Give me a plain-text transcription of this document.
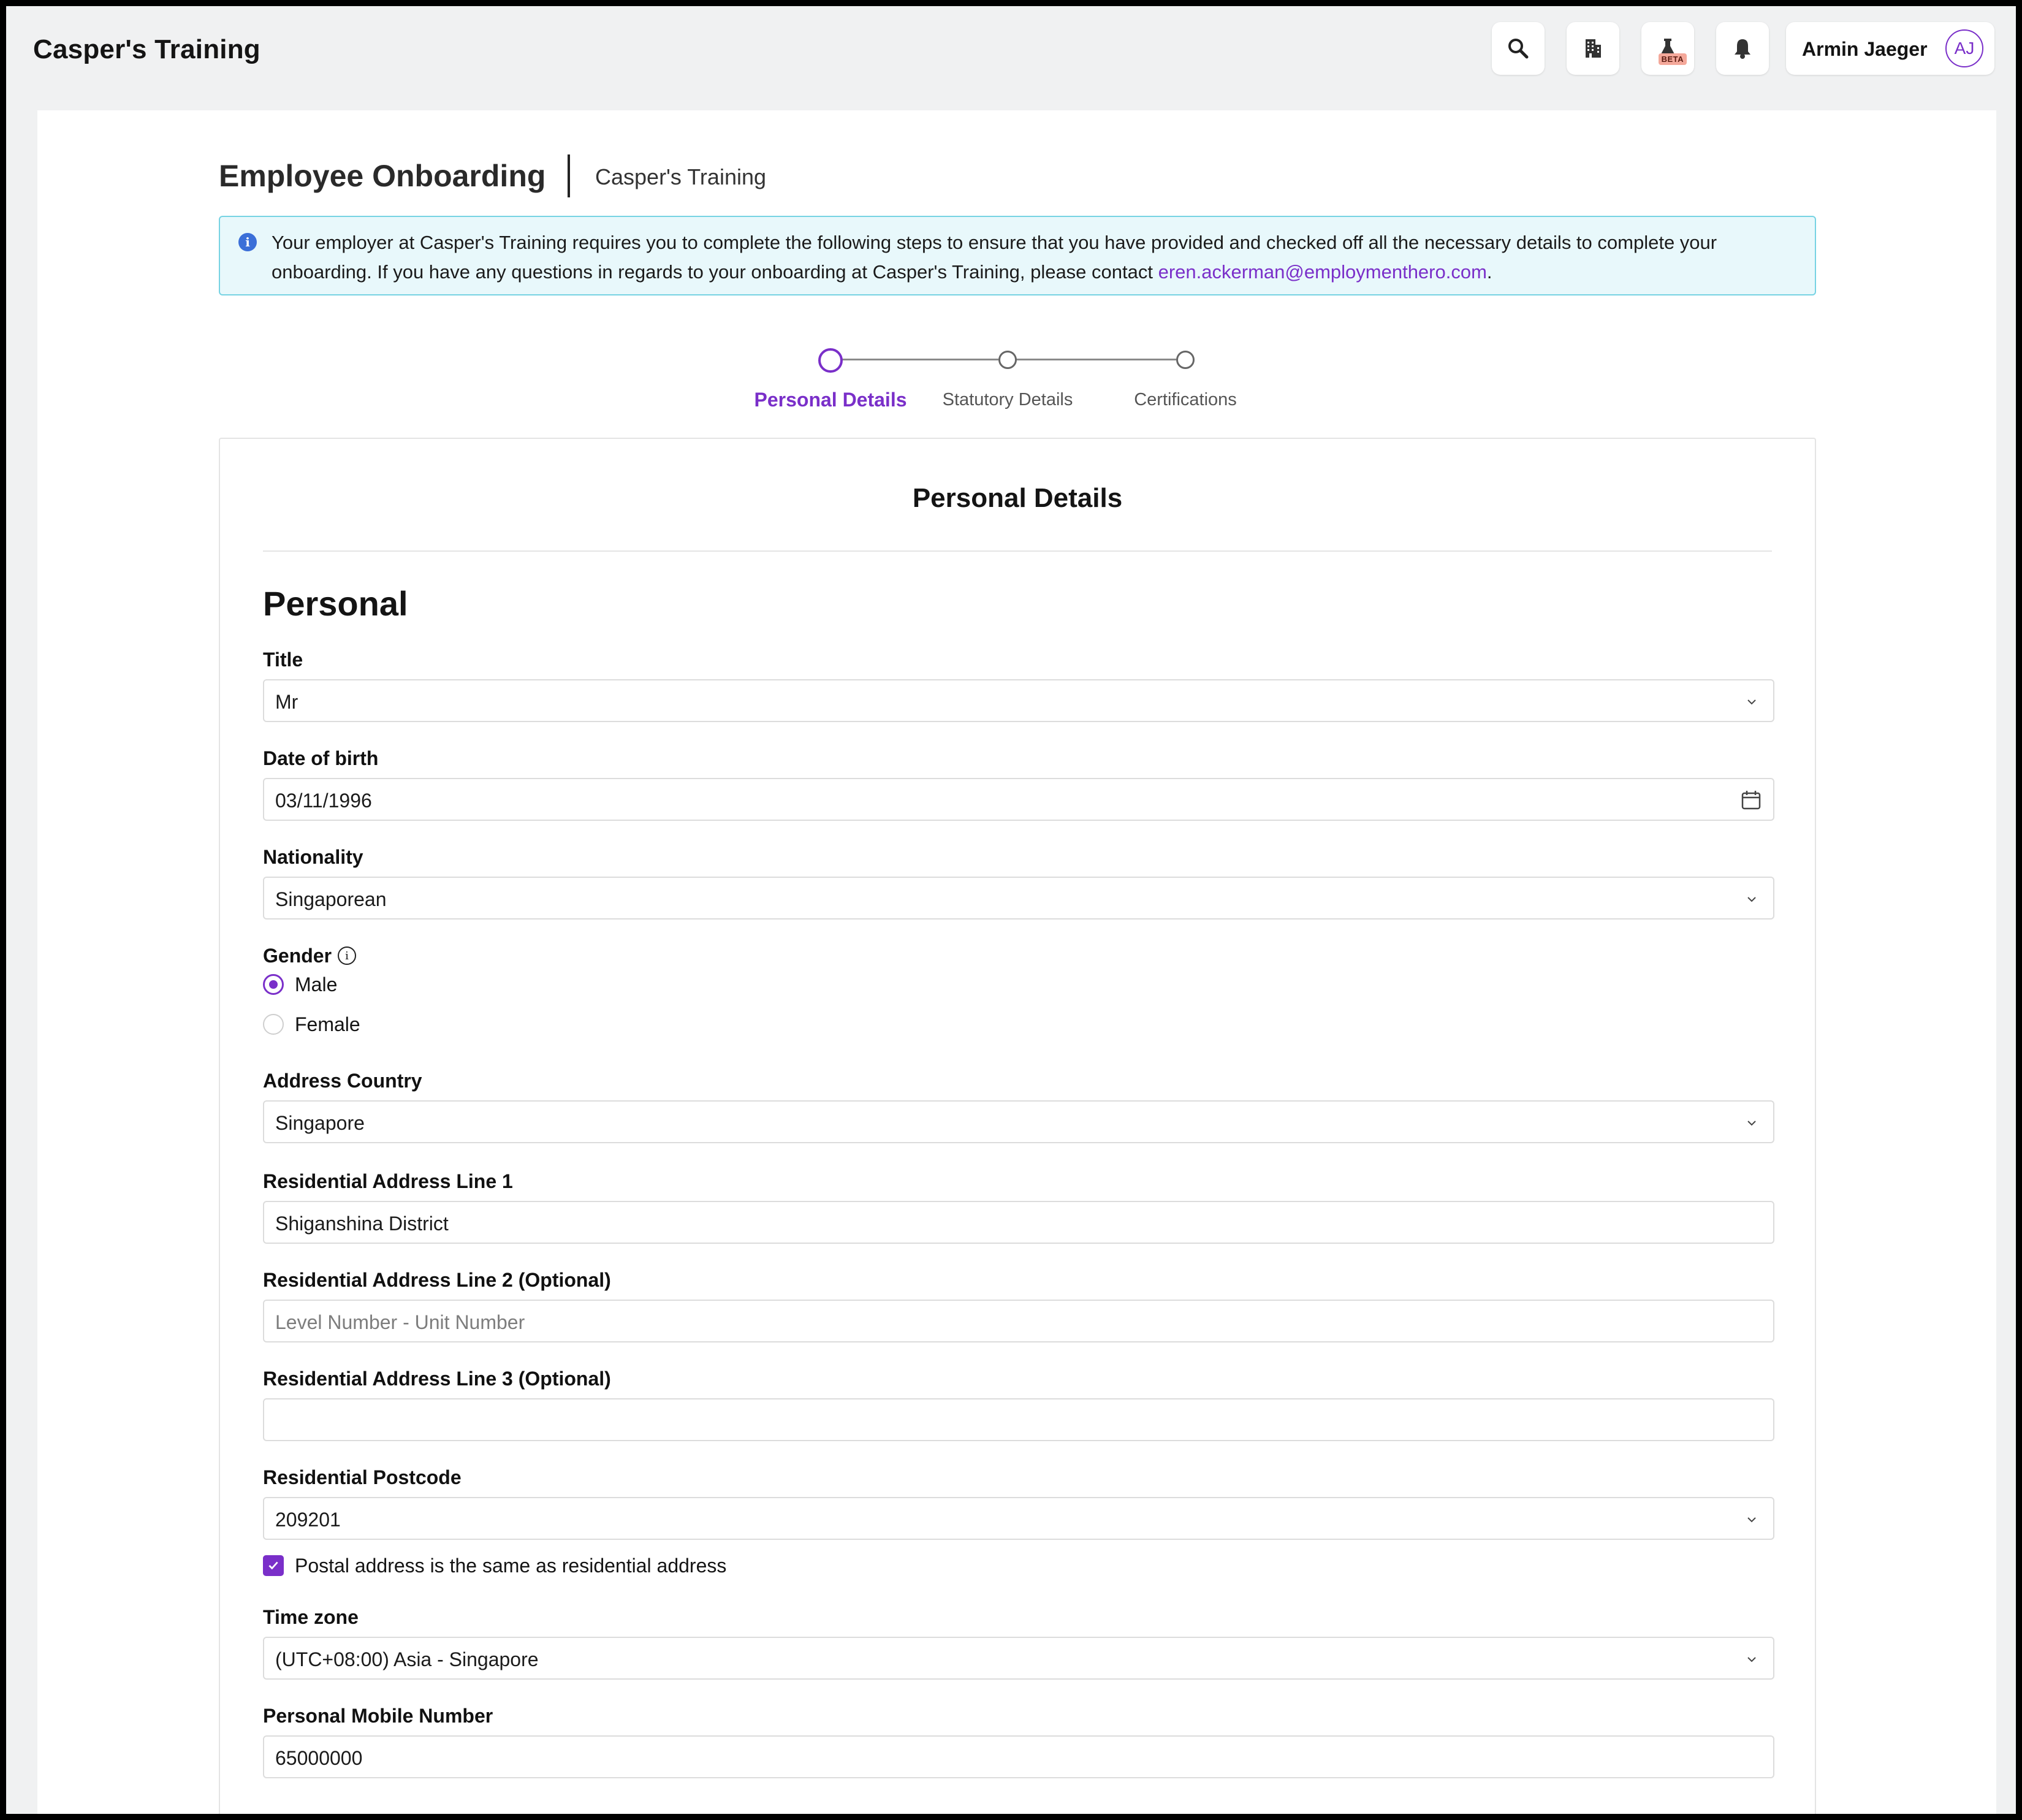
Casper's Training	BETA	Armin Jaeger	AJ
Employee Onboarding Casper's Training
i	Your employer at Casper's Training requires you to complete the following steps to ensure that you have provided and checked off all the necessary details to complete your onboarding. If you have any questions in regards to your onboarding at Casper's Training, please contact eren.ackerman@employmenthero.com.
Personal Details Statutory Details	Certifications
Personal Details
Personal
Title
Mr
Date of birth
03/11/1996
Nationality
Singaporean
Gender	i
Male
Female
Address Country
Singapore
Residential Address Line 1
Shiganshina District
Residential Address Line 2 (Optional)
Level Number - Unit Number
Residential Address Line 3 (Optional)
Residential Postcode
209201
Postal address is the same as residential address
Time zone
(UTC+08:00) Asia - Singapore
Personal Mobile Number
65000000
